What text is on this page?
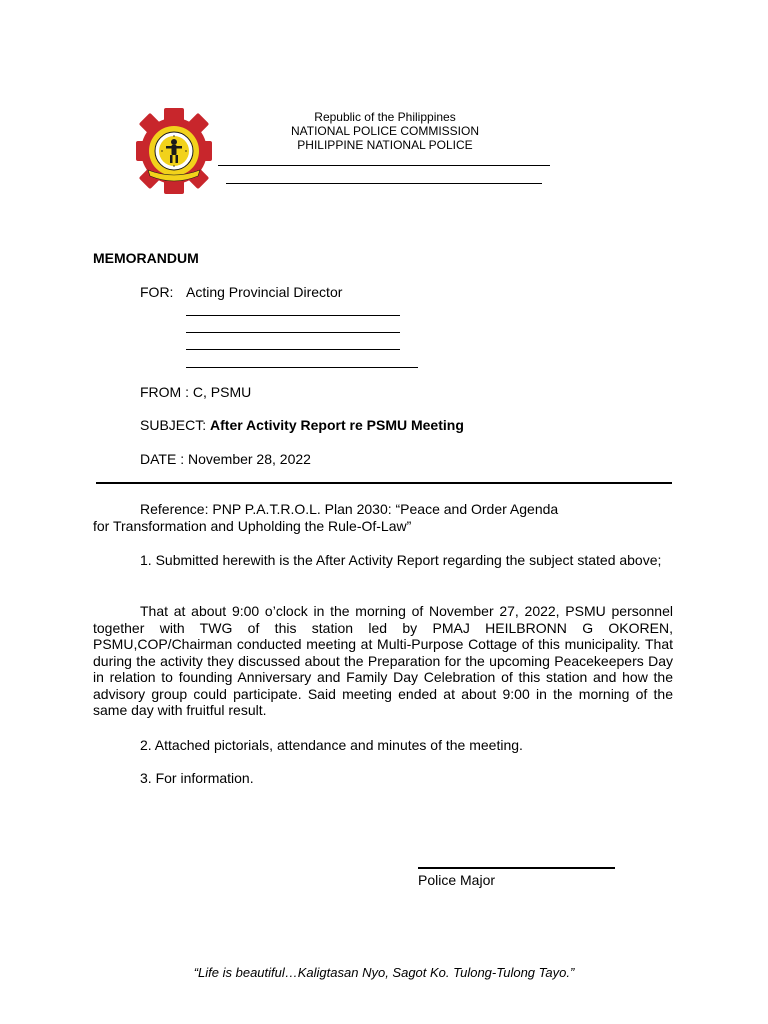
Republic of the Philippines
NATIONAL POLICE COMMISSION
PHILIPPINE NATIONAL POLICE
MEMORANDUM
FOR: Acting Provincial Director
FROM : C, PSMU
SUBJECT: After Activity Report re PSMU Meeting
DATE : November 28, 2022
Reference: PNP P.A.T.R.O.L. Plan 2030: “Peace and Order Agenda
for Transformation and Upholding the Rule-Of-Law”

1. Submitted herewith is the After Activity Report regarding the subject stated above;

That at about 9:00 o’clock in the morning of November 27, 2022, PSMU personnel together with TWG of this station led by PMAJ HEILBRONN G OKOREN, PSMU,COP/Chairman conducted meeting at Multi-Purpose Cottage of this municipality. That during the activity they discussed about the Preparation for the upcoming Peacekeepers Day in relation to founding Anniversary and Family Day Celebration of this station and how the advisory group could participate. Said meeting ended at about 9:00 in the morning of the same day with fruitful result.

2. Attached pictorials, attendance and minutes of the meeting.
3. For information.
Police Major
“Life is beautiful…Kaligtasan Nyo, Sagot Ko. Tulong-Tulong Tayo.”
